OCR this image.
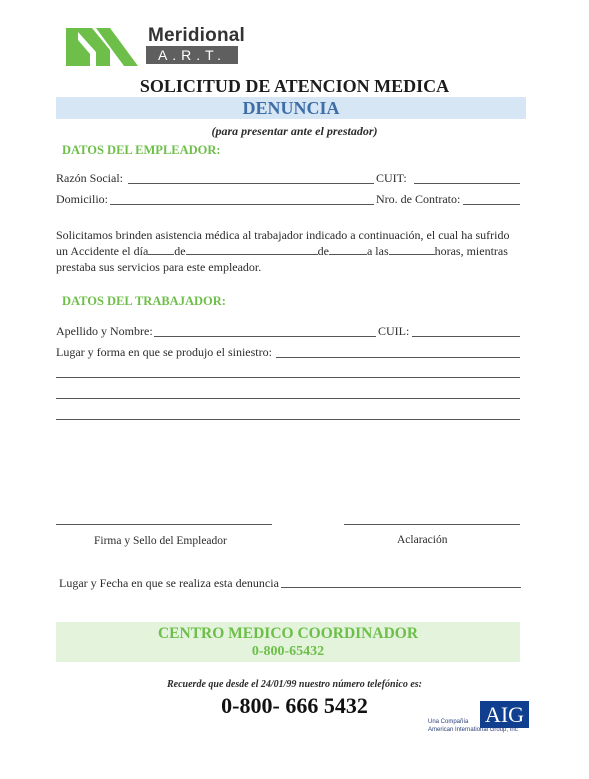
Meridional
A.R.T.
SOLICITUD DE ATENCION MEDICA
DENUNCIA
(para presentar ante el prestador)
DATOS DEL EMPLEADOR:
Razón Social:	CUIT:
Domicilio:	Nro. de Contrato:
Solicitamos brinden asistencia médica al trabajador indicado a continuación, el cual ha sufrido
un Accidente el día de	de	a las	horas, mientras
prestaba sus servicios para este empleador.
DATOS DEL TRABAJADOR:
Apellido y Nombre:	CUIL:
Lugar y forma en que se produjo el siniestro:
Firma y Sello del Empleador	Aclaración
Lugar y Fecha en que se realiza esta denuncia
CENTRO MEDICO COORDINADOR
0-800-65432
Recuerde que desde el 24/01/99 nuestro número telefónico es:
0-800- 666 5432	AIG
Una Compañía
American International Group, Inc
